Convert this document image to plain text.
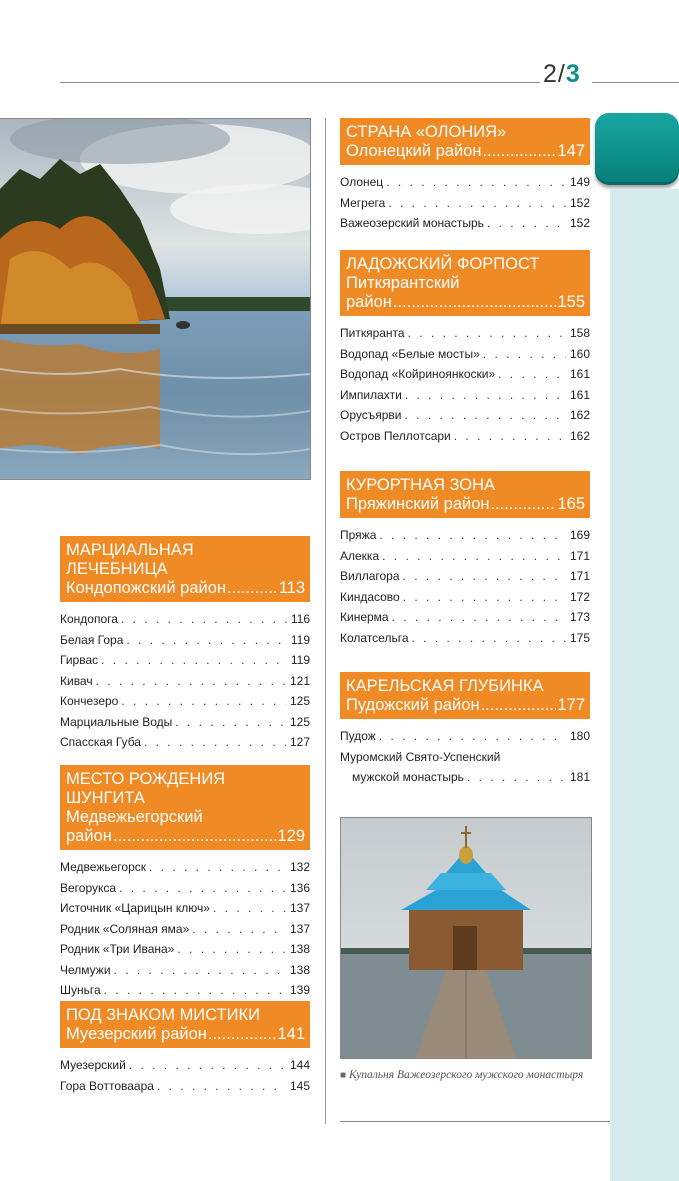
2/3
■ Купальня Важеозерского мужского монастыря
МАРЦИАЛЬНАЯ
ЛЕЧЕБНИЦА
Кондопожский район .....	113
Кондопога . . .	116
Белая Гора . . .	119
Гирвас . . .	119
Кивач . . .	121
Кончезеро . . .	125
Марциальные Воды . . .	125
Спасская Губа . . .	127
МЕСТО РОЖДЕНИЯ ШУНГИТА
Медвежьегорский
район .....	129
Медвежьегорск . . .	132
Вегорукса . . .	136
Источник «Царицын ключ» . . .	137
Родник «Соляная яма» . . .	137
Родник «Три Ивана» . . .	138
Челмужи . . .	138
Шуньга . . .	139
ПОД ЗНАКОМ МИСТИКИ
Муезерский район .....	141
Муезерский . . .	144
Гора Воттоваара . . .	145
СТРАНА «ОЛОНИЯ»
Олонецкий район .....	147
Олонец . . .	149
Мегрега . . .	152
Важеозерский монастырь . . .	152
ЛАДОЖСКИЙ ФОРПОСТ
Питкярантский
район .....	155
Питкяранта . . .	158
Водопад «Белые мосты» . . .	160
Водопад «Койриноянкоски» . . .	161
Импилахти . . .	161
Орусъярви . . .	162
Остров Пеллотсари . . .	162
КУРОРТНАЯ ЗОНА
Пряжинский район .....	165
Пряжа . . .	169
Алекка . . .	171
Виллагора . . .	171
Киндасово . . .	172
Кинерма . . .	173
Колатсельга . . .	175
КАРЕЛЬСКАЯ ГЛУБИНКА
Пудожский район .....	177
Пудож . . .	180
Муромский Свято-Успенский
мужской монастырь . . .	181
